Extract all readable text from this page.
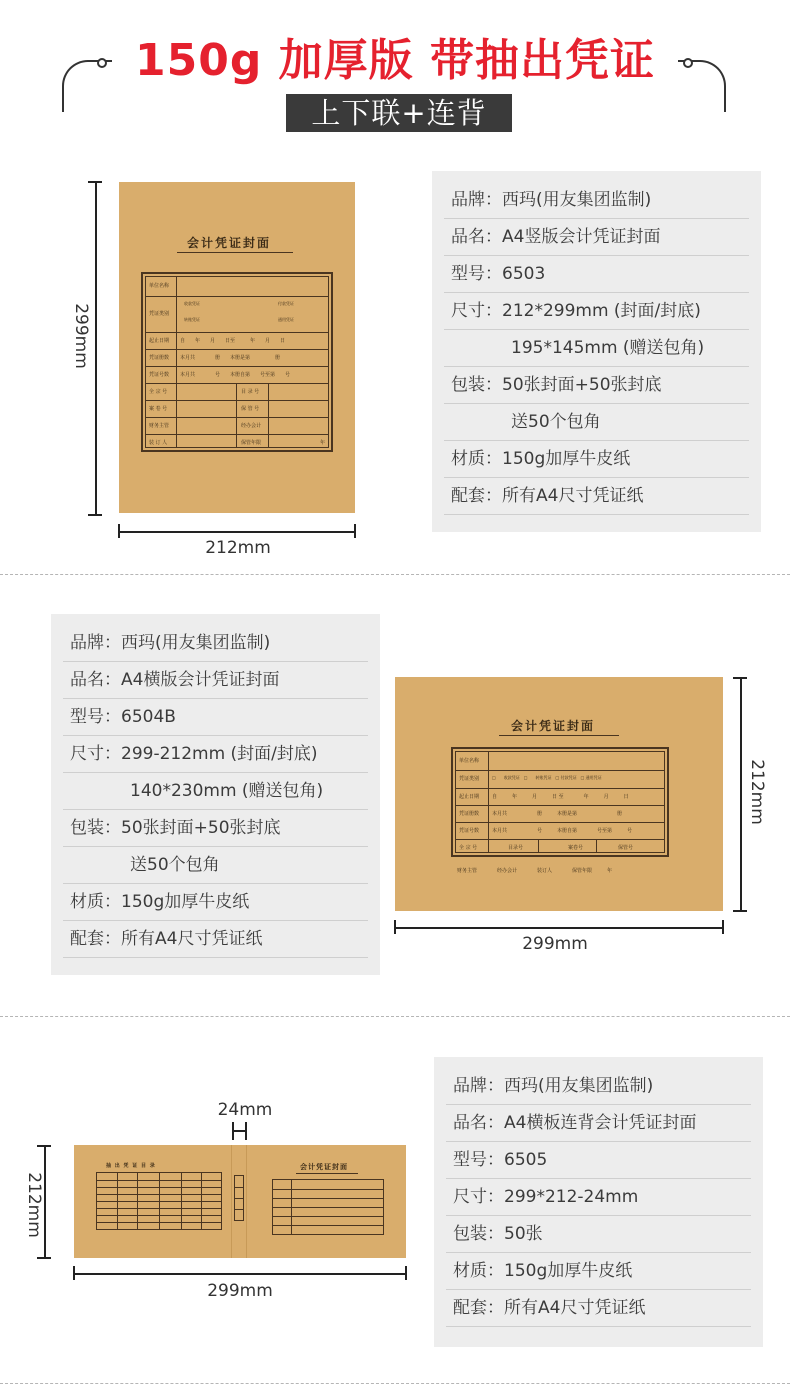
150g 加厚版 带抽出凭证
上下联+连背
299mm
会计凭证封面
单位名称
凭证类别
收款凭证	付款凭证
转账凭证	通用凭证
起止日期 自　　年　　月　　日至　　　年　　月　　日
凭证册数 本月共　　　　册　　本册是第　　　　　册
凭证号数 本月共　　　　号　　本册自第　　号至第　　号
全 宗 号	目 录 号
案 卷 号	保 管 号
财务主管	经办会计
装 订 人	保管年限	年
212mm
品牌：西玛(用友集团监制)
品名：A4竖版会计凭证封面
型号：6503
尺寸：212*299mm (封面/封底)
195*145mm (赠送包角)
包装：50张封面+50张封底
送50个包角
材质：150g加厚牛皮纸
配套：所有A4尺寸凭证纸
品牌：西玛(用友集团监制)
品名：A4横版会计凭证封面
型号：6504B
尺寸：299-212mm (封面/封底)
140*230mm (赠送包角)
包装：50张封面+50张封底
送50个包角
材质：150g加厚牛皮纸
配套：所有A4尺寸凭证纸
会计凭证封面
单位名称
凭证类别	□　　收款凭证　□　　转账凭证　□ 付款凭证　□ 通用凭证
起止日期	自　　　年　　　月　　　日 至　　　　年　　　月　　　日
凭证册数	本月共　　　　　　册　　　本册是第　　　　　　　　册
凭证号数	本月共　　　　　　号　　　本册自第　　　　号至第　　　号
全 宗 号	目录号	案卷号	保管号
财务主管　　　　经办会计　　　　装订人　　　　保管年限　　　年
212mm
299mm
24mm
212mm
抽 出 凭 证 目 录	会计凭证封面
299mm
品牌：西玛(用友集团监制)
品名：A4横板连背会计凭证封面
型号：6505
尺寸：299*212-24mm
包装：50张
材质：150g加厚牛皮纸
配套：所有A4尺寸凭证纸
